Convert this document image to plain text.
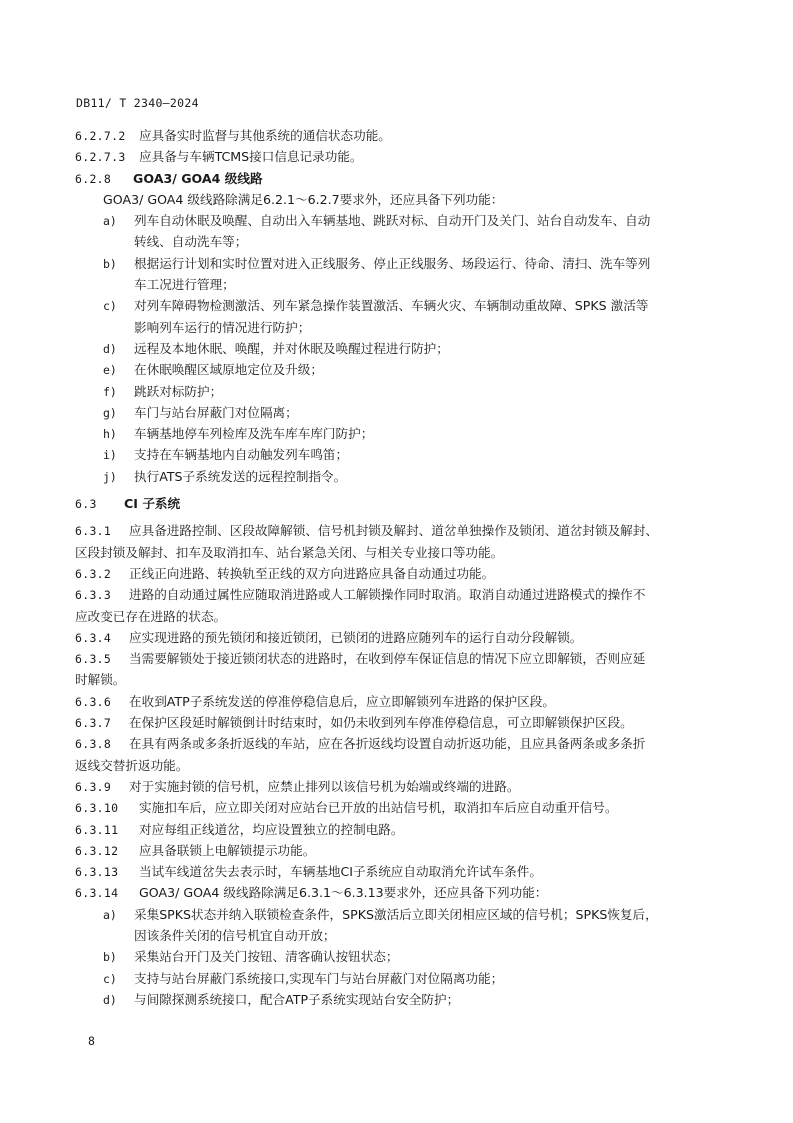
DB11/ T 2340—2024
6.2.7.2 应具备实时监督与其他系统的通信状态功能。
6.2.7.3 应具备与车辆TCMS接口信息记录功能。
6.2.8 GOA3/ GOA4 级线路
GOA3/ GOA4 级线路除满足6.2.1～6.2.7要求外，还应具备下列功能：
a) 列车自动休眠及唤醒、自动出入车辆基地、跳跃对标、自动开门及关门、站台自动发车、自动
转线、自动洗车等；
b) 根据运行计划和实时位置对进入正线服务、停止正线服务、场段运行、待命、清扫、洗车等列
车工况进行管理；
c) 对列车障碍物检测激活、列车紧急操作装置激活、车辆火灾、车辆制动重故障、SPKS 激活等
影响列车运行的情况进行防护；
d) 远程及本地休眠、唤醒，并对休眠及唤醒过程进行防护；
e) 在休眠唤醒区域原地定位及升级；
f) 跳跃对标防护；
g) 车门与站台屏蔽门对位隔离；
h) 车辆基地停车列检库及洗车库车库门防护；
i) 支持在车辆基地内自动触发列车鸣笛；
j) 执行ATS子系统发送的远程控制指令。
6.3 CI 子系统
6.3.1 应具备进路控制、区段故障解锁、信号机封锁及解封、道岔单独操作及锁闭、道岔封锁及解封、
区段封锁及解封、扣车及取消扣车、站台紧急关闭、与相关专业接口等功能。
6.3.2 正线正向进路、转换轨至正线的双方向进路应具备自动通过功能。
6.3.3 进路的自动通过属性应随取消进路或人工解锁操作同时取消。取消自动通过进路模式的操作不
应改变已存在进路的状态。
6.3.4 应实现进路的预先锁闭和接近锁闭，已锁闭的进路应随列车的运行自动分段解锁。
6.3.5 当需要解锁处于接近锁闭状态的进路时，在收到停车保证信息的情况下应立即解锁，否则应延
时解锁。
6.3.6 在收到ATP子系统发送的停准停稳信息后，应立即解锁列车进路的保护区段。
6.3.7 在保护区段延时解锁倒计时结束时，如仍未收到列车停准停稳信息，可立即解锁保护区段。
6.3.8 在具有两条或多条折返线的车站，应在各折返线均设置自动折返功能，且应具备两条或多条折
返线交替折返功能。
6.3.9 对于实施封锁的信号机，应禁止排列以该信号机为始端或终端的进路。
6.3.10 实施扣车后，应立即关闭对应站台已开放的出站信号机，取消扣车后应自动重开信号。
6.3.11 对应每组正线道岔，均应设置独立的控制电路。
6.3.12 应具备联锁上电解锁提示功能。
6.3.13 当试车线道岔失去表示时，车辆基地CI子系统应自动取消允许试车条件。
6.3.14 GOA3/ GOA4 级线路除满足6.3.1～6.3.13要求外，还应具备下列功能：
a) 采集SPKS状态并纳入联锁检查条件，SPKS激活后立即关闭相应区域的信号机；SPKS恢复后，
因该条件关闭的信号机宜自动开放；
b) 采集站台开门及关门按钮、清客确认按钮状态；
c) 支持与站台屏蔽门系统接口,实现车门与站台屏蔽门对位隔离功能；
d) 与间隙探测系统接口，配合ATP子系统实现站台安全防护；
8
